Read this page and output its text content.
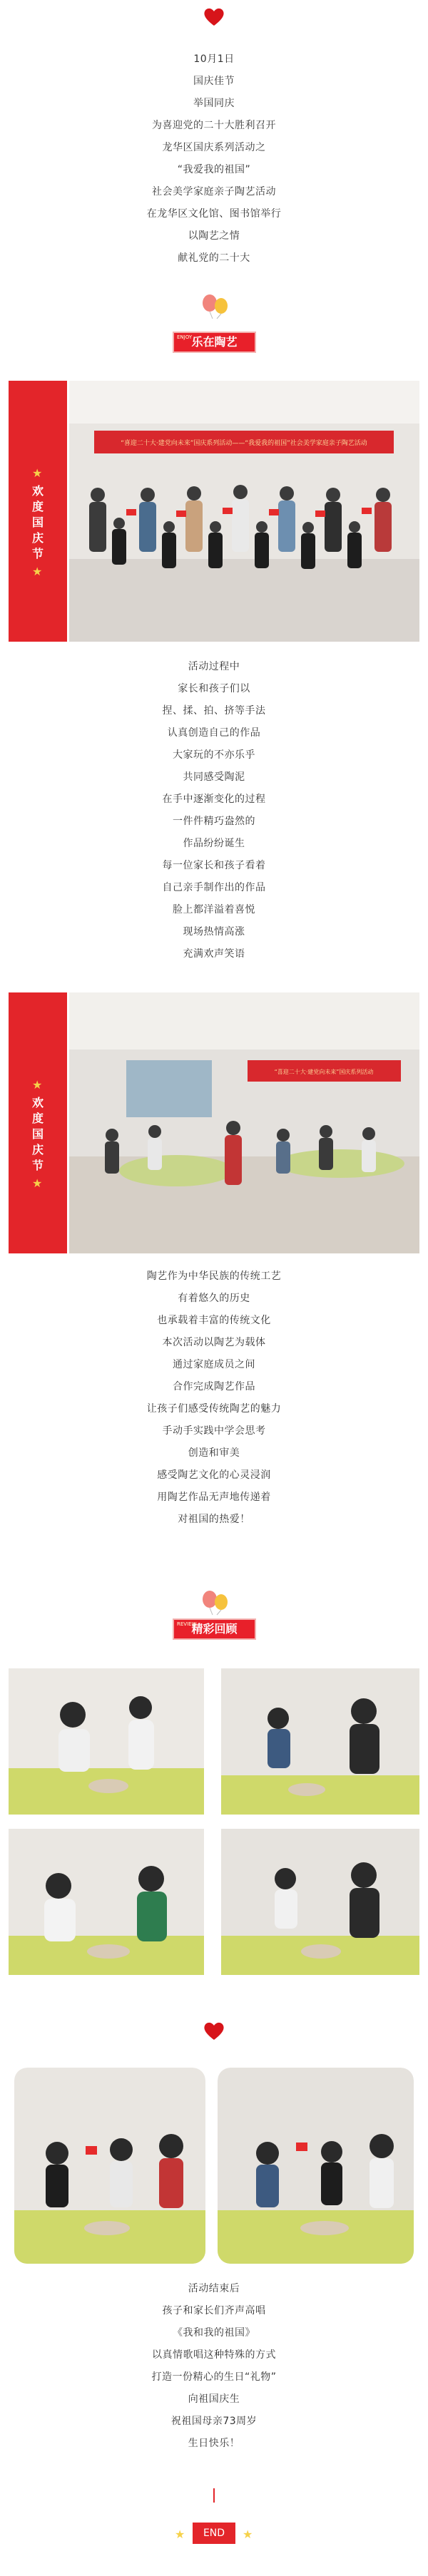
10月1日
国庆佳节
举国同庆
为喜迎党的二十大胜利召开
龙华区国庆系列活动之
“我爱我的祖国”
社会美学家庭亲子陶艺活动
在龙华区文化馆、图书馆举行
以陶艺之情
献礼党的二十大
ENJOY 乐在陶艺
★
欢度国庆节
★
“喜迎二十大·建党向未来”国庆系列活动——“我爱我的祖国”社会美学家庭亲子陶艺活动
活动过程中
家长和孩子们以
捏、揉、拍、挤等手法
认真创造自己的作品
大家玩的不亦乐乎
共同感受陶泥
在手中逐渐变化的过程
一件件精巧盎然的
作品纷纷诞生
每一位家长和孩子看着
自己亲手制作出的作品
脸上都洋溢着喜悦
现场热情高涨
充满欢声笑语
★
欢度国庆节
★
“喜迎二十大·建党向未来”国庆系列活动
陶艺作为中华民族的传统工艺
有着悠久的历史
也承载着丰富的传统文化
本次活动以陶艺为载体
通过家庭成员之间
合作完成陶艺作品
让孩子们感受传统陶艺的魅力
手动手实践中学会思考
创造和审美
感受陶艺文化的心灵浸润
用陶艺作品无声地传递着
对祖国的热爱！
REVIEW
精彩回顾
活动结束后
孩子和家长们齐声高唱
《我和我的祖国》
以真情歌唱这种特殊的方式
打造一份精心的生日“礼物”
向祖国庆生
祝祖国母亲73周岁
生日快乐！
★	END	★
